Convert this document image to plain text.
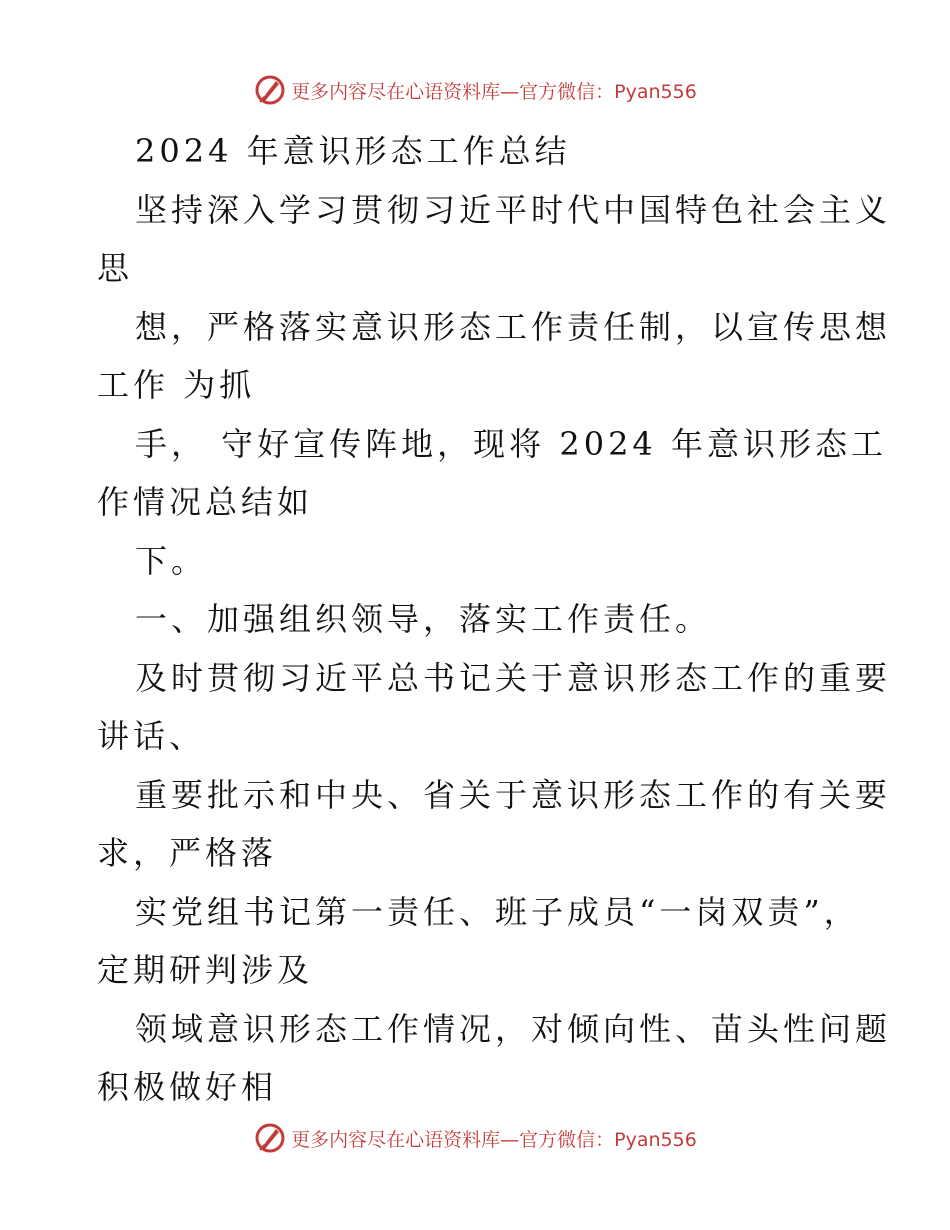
更多内容尽在心语资料库—官方微信：Pyan556
2024 年意识形态工作总结
坚持深入学习贯彻习近平时代中国特色社会主义
思
想，严格落实意识形态工作责任制，以宣传思想
工作 为抓
手， 守好宣传阵地，现将 2024 年意识形态工
作情况总结如
下。
一、加强组织领导，落实工作责任。
及时贯彻习近平总书记关于意识形态工作的重要
讲话、
重要批示和中央、省关于意识形态工作的有关要
求，严格落
实党组书记第一责任、班子成员“一岗双责”，
定期研判涉及
领域意识形态工作情况，对倾向性、苗头性问题
积极做好相
更多内容尽在心语资料库—官方微信：Pyan556
